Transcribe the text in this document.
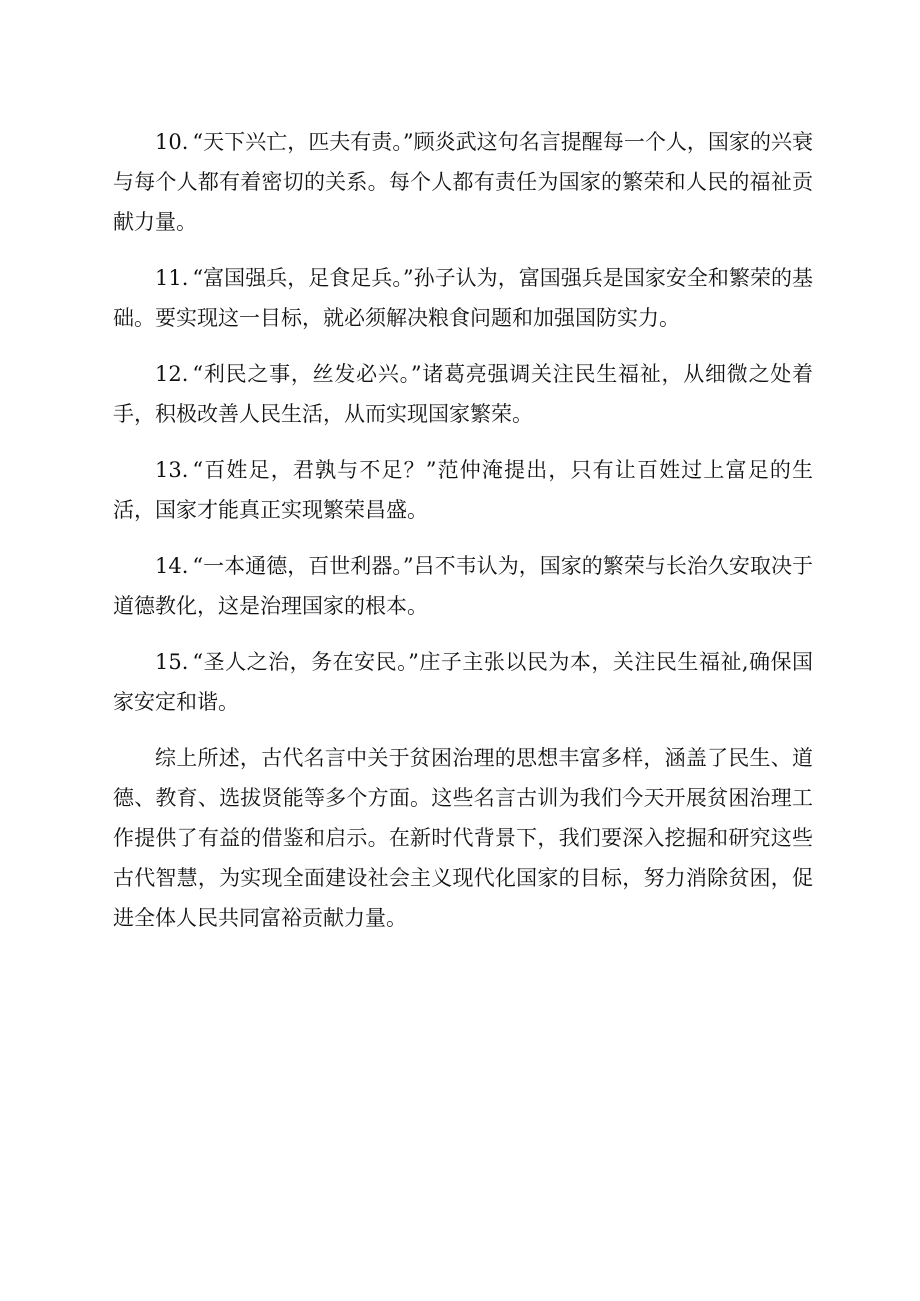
10. “天下兴亡，匹夫有责。”顾炎武这句名言提醒每一个人，国家的兴衰与每个人都有着密切的关系。每个人都有责任为国家的繁荣和人民的福祉贡献力量。

11. “富国强兵，足食足兵。”孙子认为，富国强兵是国家安全和繁荣的基础。要实现这一目标，就必须解决粮食问题和加强国防实力。

12. “利民之事，丝发必兴。”诸葛亮强调关注民生福祉，从细微之处着手，积极改善人民生活，从而实现国家繁荣。

13. “百姓足，君孰与不足？”范仲淹提出，只有让百姓过上富足的生活，国家才能真正实现繁荣昌盛。

14. “一本通德，百世利器。”吕不韦认为，国家的繁荣与长治久安取决于道德教化，这是治理国家的根本。

15. “圣人之治，务在安民。”庄子主张以民为本，关注民生福祉,确保国家安定和谐。

综上所述，古代名言中关于贫困治理的思想丰富多样，涵盖了民生、道德、教育、选拔贤能等多个方面。这些名言古训为我们今天开展贫困治理工作提供了有益的借鉴和启示。在新时代背景下，我们要深入挖掘和研究这些古代智慧，为实现全面建设社会主义现代化国家的目标，努力消除贫困，促进全体人民共同富裕贡献力量。
